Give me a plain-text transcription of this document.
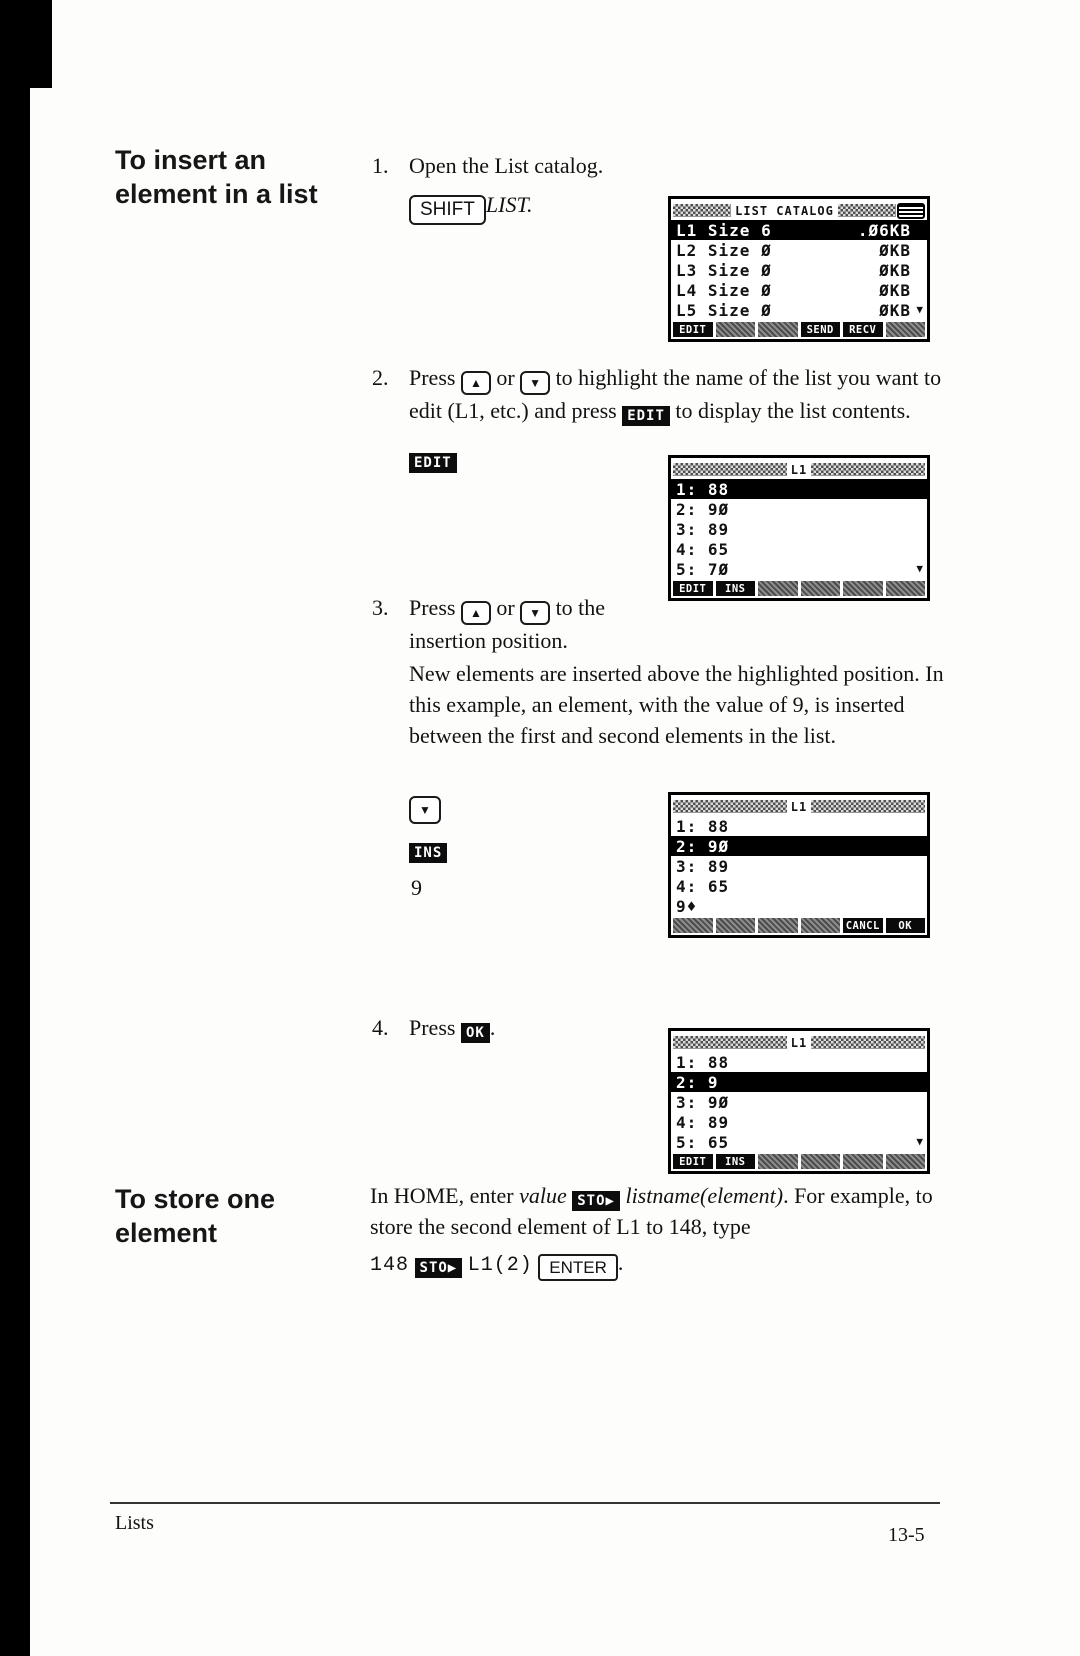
To insert an
element in a list
1. Open the List catalog.
SHIFT LIST.	LIST CATALOG
L1 Size 6	.Ø6KB
L2 Size Ø	ØKB
L3 Size Ø	ØKB
L4 Size Ø	ØKB
L5 Size Ø	ØKB ▼
EDIT	SEND	RECV
2. Press ▲ or ▼ to highlight the name of the list you want to edit (L1, etc.) and press EDIT to display the list contents.
EDIT	L1
1: 88
2: 9Ø
3: 89
4: 65
5: 7Ø	▼
EDIT	INS
3. Press ▲ or ▼ to the insertion position.
New elements are inserted above the highlighted position. In this example, an element, with the value of 9, is inserted between the first and second elements in the list.
▼
INS
9
L1
1: 88
2: 9Ø
3: 89
4: 65
9♦
CANCL	OK
4. Press OK .
L1
1: 88
2: 9
3: 9Ø
4: 89
5: 65	▼
EDIT	INS
To store one
element
In HOME, enter value STO▶ listname(element). For example, to store the second element of L1 to 148, type
148 STO▶ L1(2) ENTER .
Lists
13-5
